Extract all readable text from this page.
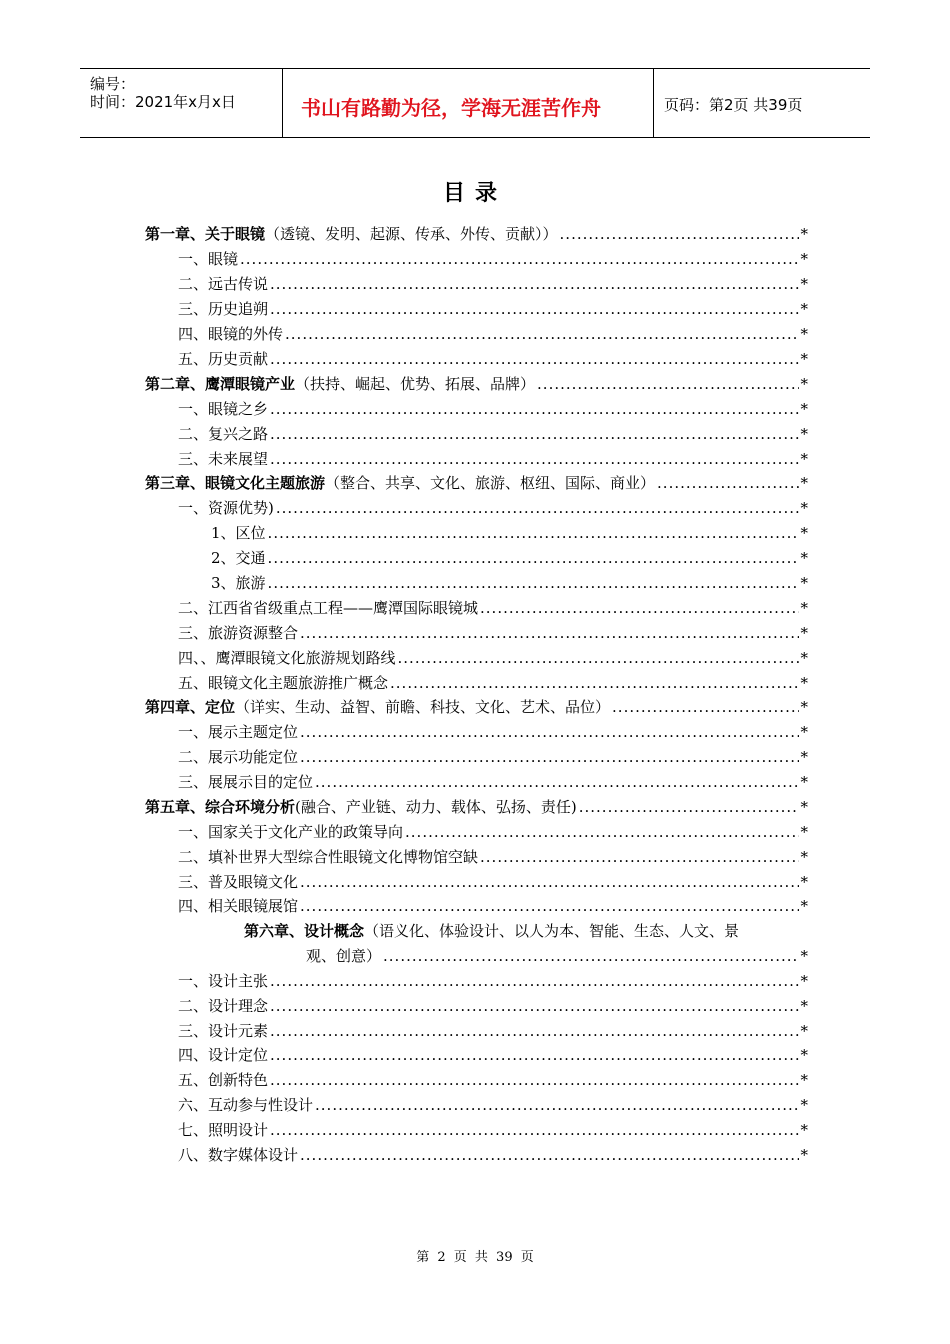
编号：
时间：2021年x月x日	书山有路勤为径，学海无涯苦作舟	页码：第2页 共39页
目录
第一章、关于眼镜（透镜、发明、起源、传承、外传、贡献）） .....	*
一、眼镜 .....	*
二、远古传说 .....	*
三、历史追朔 .....	*
四、眼镜的外传 .....	*
五、历史贡献 .....	*
第二章、鹰潭眼镜产业（扶持、崛起、优势、拓展、品牌） .....	*
一、眼镜之乡 .....	*
二、复兴之路 .....	*
三、未来展望 .....	*
第三章、眼镜文化主题旅游（整合、共享、文化、旅游、枢纽、国际、商业） .....	*
一、资源优势) .....	*
1、区位 .....	*
2、交通 .....	*
3、旅游 .....	*
二、江西省省级重点工程——鹰潭国际眼镜城 .....	*
三、旅游资源整合 .....	*
四、、鹰潭眼镜文化旅游规划路线 .....	*
五、眼镜文化主题旅游推广概念 .....	*
第四章、定位（详实、生动、益智、前瞻、科技、文化、艺术、品位） .....	*
一、展示主题定位 .....	*
二、展示功能定位 .....	*
三、展展示目的定位 .....	*
第五章、综合环境分析(融合、产业链、动力、载体、弘扬、责任) .....	*
一、国家关于文化产业的政策导向 .....	*
二、填补世界大型综合性眼镜文化博物馆空缺 .....	*
三、普及眼镜文化 .....	*
四、相关眼镜展馆 .....	*
第六章、设计概念（语义化、体验设计、以人为本、智能、生态、人文、景
观、创意） .....	*
一、设计主张 .....	*
二、设计理念 .....	*
三、设计元素 .....	*
四、设计定位 .....	*
五、创新特色 .....	*
六、互动参与性设计 .....	*
七、照明设计 .....	*
八、数字媒体设计 .....	*
第 2 页 共 39 页
